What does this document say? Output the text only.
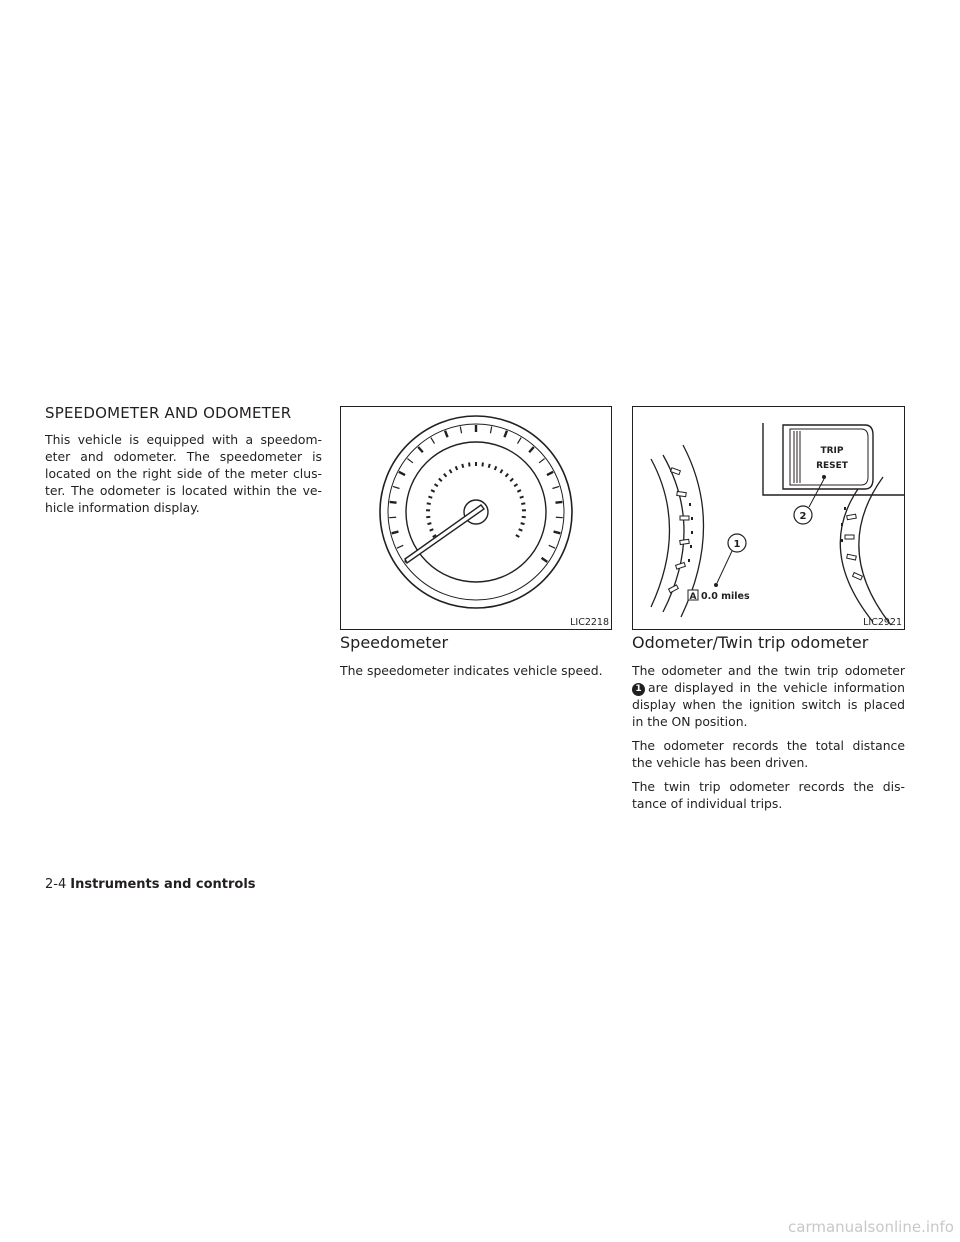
SPEEDOMETER AND ODOMETER

This vehicle is equipped with a speedom- eter and odometer. The speedometer is located on the right side of the meter clus- ter. The odometer is located within the ve- hicle information display.

LIC2218
TRIP
RESET
2
1
A 0.0 miles
LIC2921
Speedometer

The speedometer indicates vehicle speed.

Odometer/Twin trip odometer

The odometer and the twin trip odometer 1 are displayed in the vehicle information display when the ignition switch is placed in the ON position.

The odometer records the total distance the vehicle has been driven.

The twin trip odometer records the dis- tance of individual trips.

2-4 Instruments and controls
carmanualsonline.info
